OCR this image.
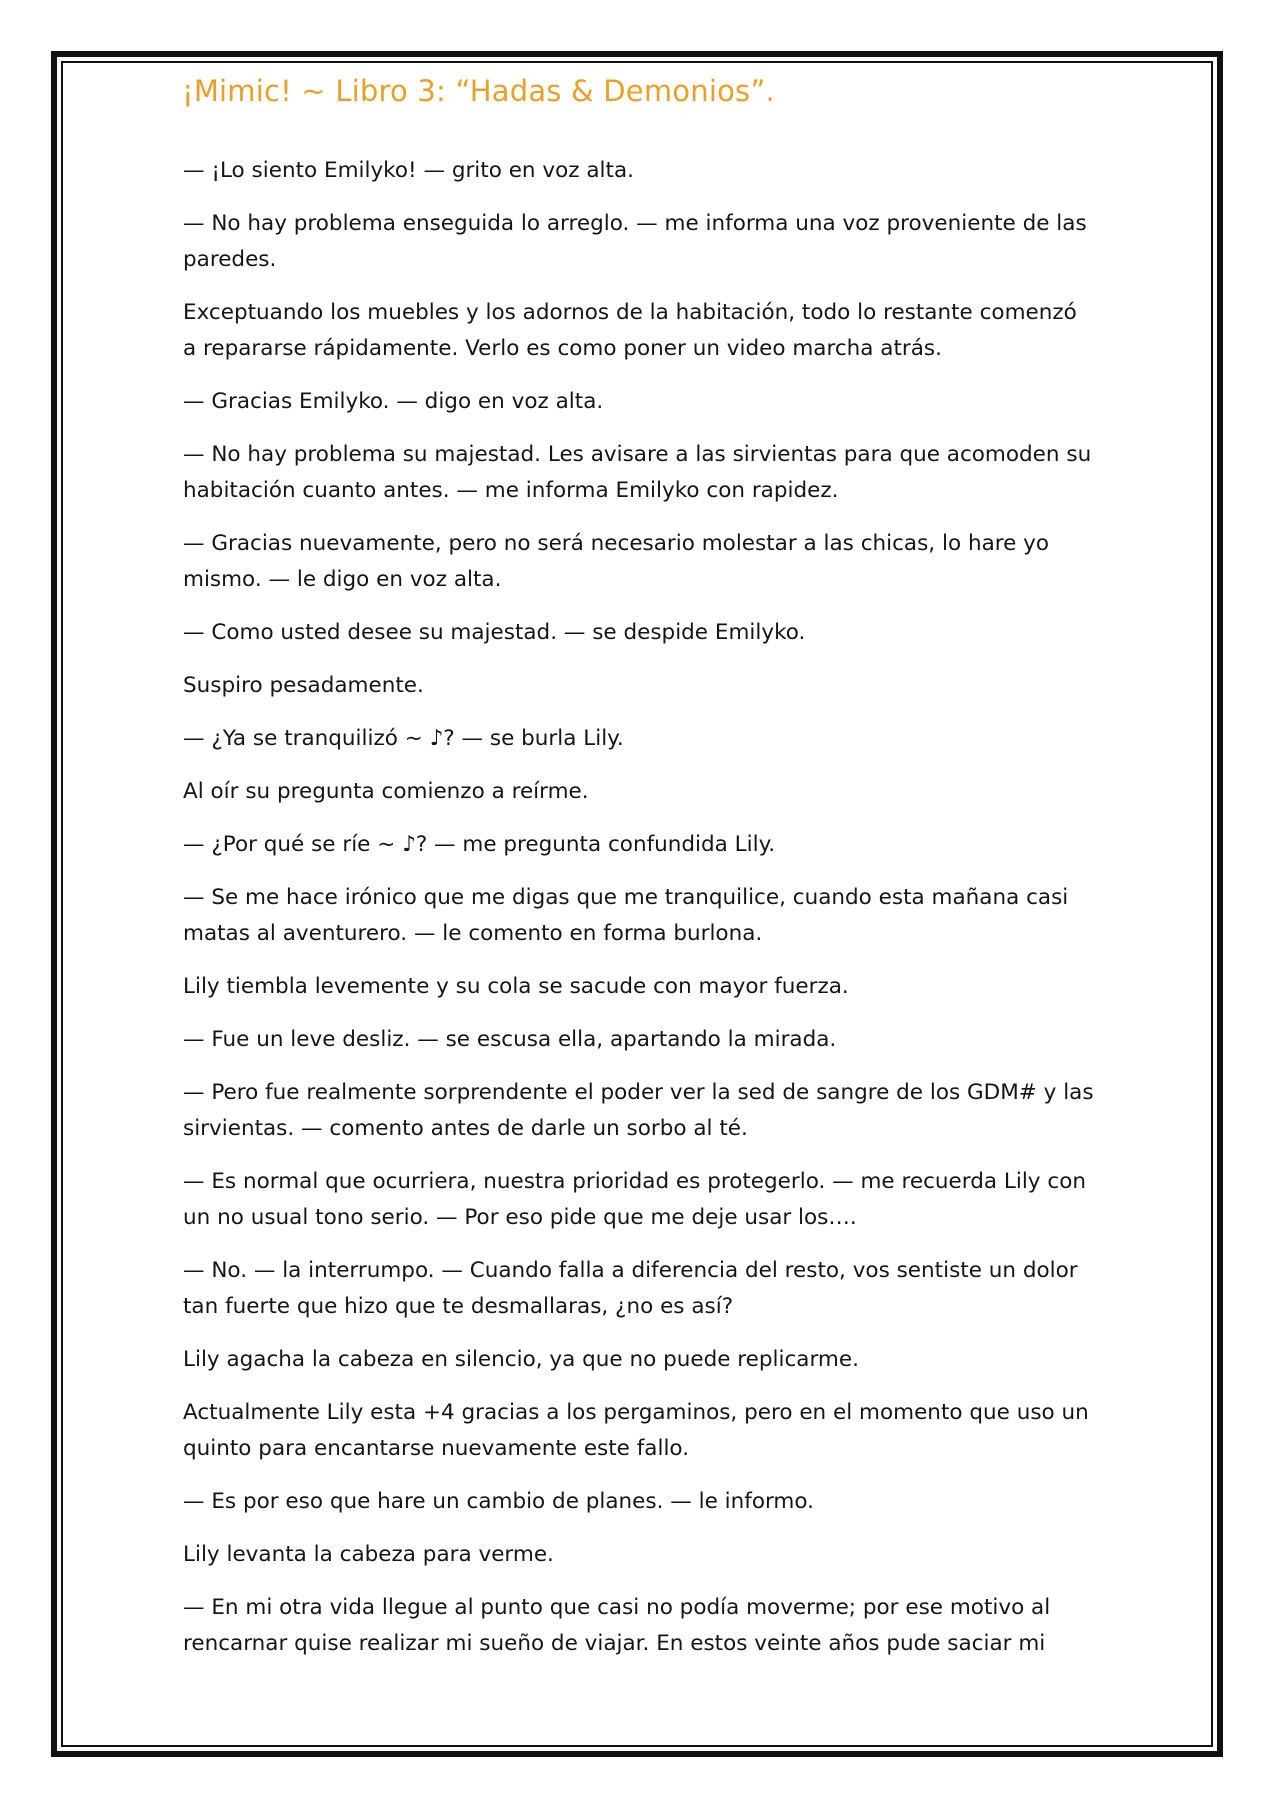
¡Mimic! ~ Libro 3: “Hadas & Demonios”.

— ¡Lo siento Emilyko! — grito en voz alta.

— No hay problema enseguida lo arreglo. — me informa una voz proveniente de las paredes.

Exceptuando los muebles y los adornos de la habitación, todo lo restante comenzó a repararse rápidamente. Verlo es como poner un video marcha atrás.

— Gracias Emilyko. — digo en voz alta.

— No hay problema su majestad. Les avisare a las sirvientas para que acomoden su habitación cuanto antes. — me informa Emilyko con rapidez.

— Gracias nuevamente, pero no será necesario molestar a las chicas, lo hare yo mismo. — le digo en voz alta.

— Como usted desee su majestad. — se despide Emilyko.

Suspiro pesadamente.

— ¿Ya se tranquilizó ~ ♪? — se burla Lily.

Al oír su pregunta comienzo a reírme.

— ¿Por qué se ríe ~ ♪? — me pregunta confundida Lily.

— Se me hace irónico que me digas que me tranquilice, cuando esta mañana casi matas al aventurero. — le comento en forma burlona.

Lily tiembla levemente y su cola se sacude con mayor fuerza.

— Fue un leve desliz. — se escusa ella, apartando la mirada.

— Pero fue realmente sorprendente el poder ver la sed de sangre de los GDM# y las sirvientas. — comento antes de darle un sorbo al té.

— Es normal que ocurriera, nuestra prioridad es protegerlo. — me recuerda Lily con un no usual tono serio. — Por eso pide que me deje usar los….

— No. — la interrumpo. — Cuando falla a diferencia del resto, vos sentiste un dolor tan fuerte que hizo que te desmallaras, ¿no es así?

Lily agacha la cabeza en silencio, ya que no puede replicarme.

Actualmente Lily esta +4 gracias a los pergaminos, pero en el momento que uso un quinto para encantarse nuevamente este fallo.

— Es por eso que hare un cambio de planes. — le informo.

Lily levanta la cabeza para verme.

— En mi otra vida llegue al punto que casi no podía moverme; por ese motivo al rencarnar quise realizar mi sueño de viajar. En estos veinte años pude saciar mi
